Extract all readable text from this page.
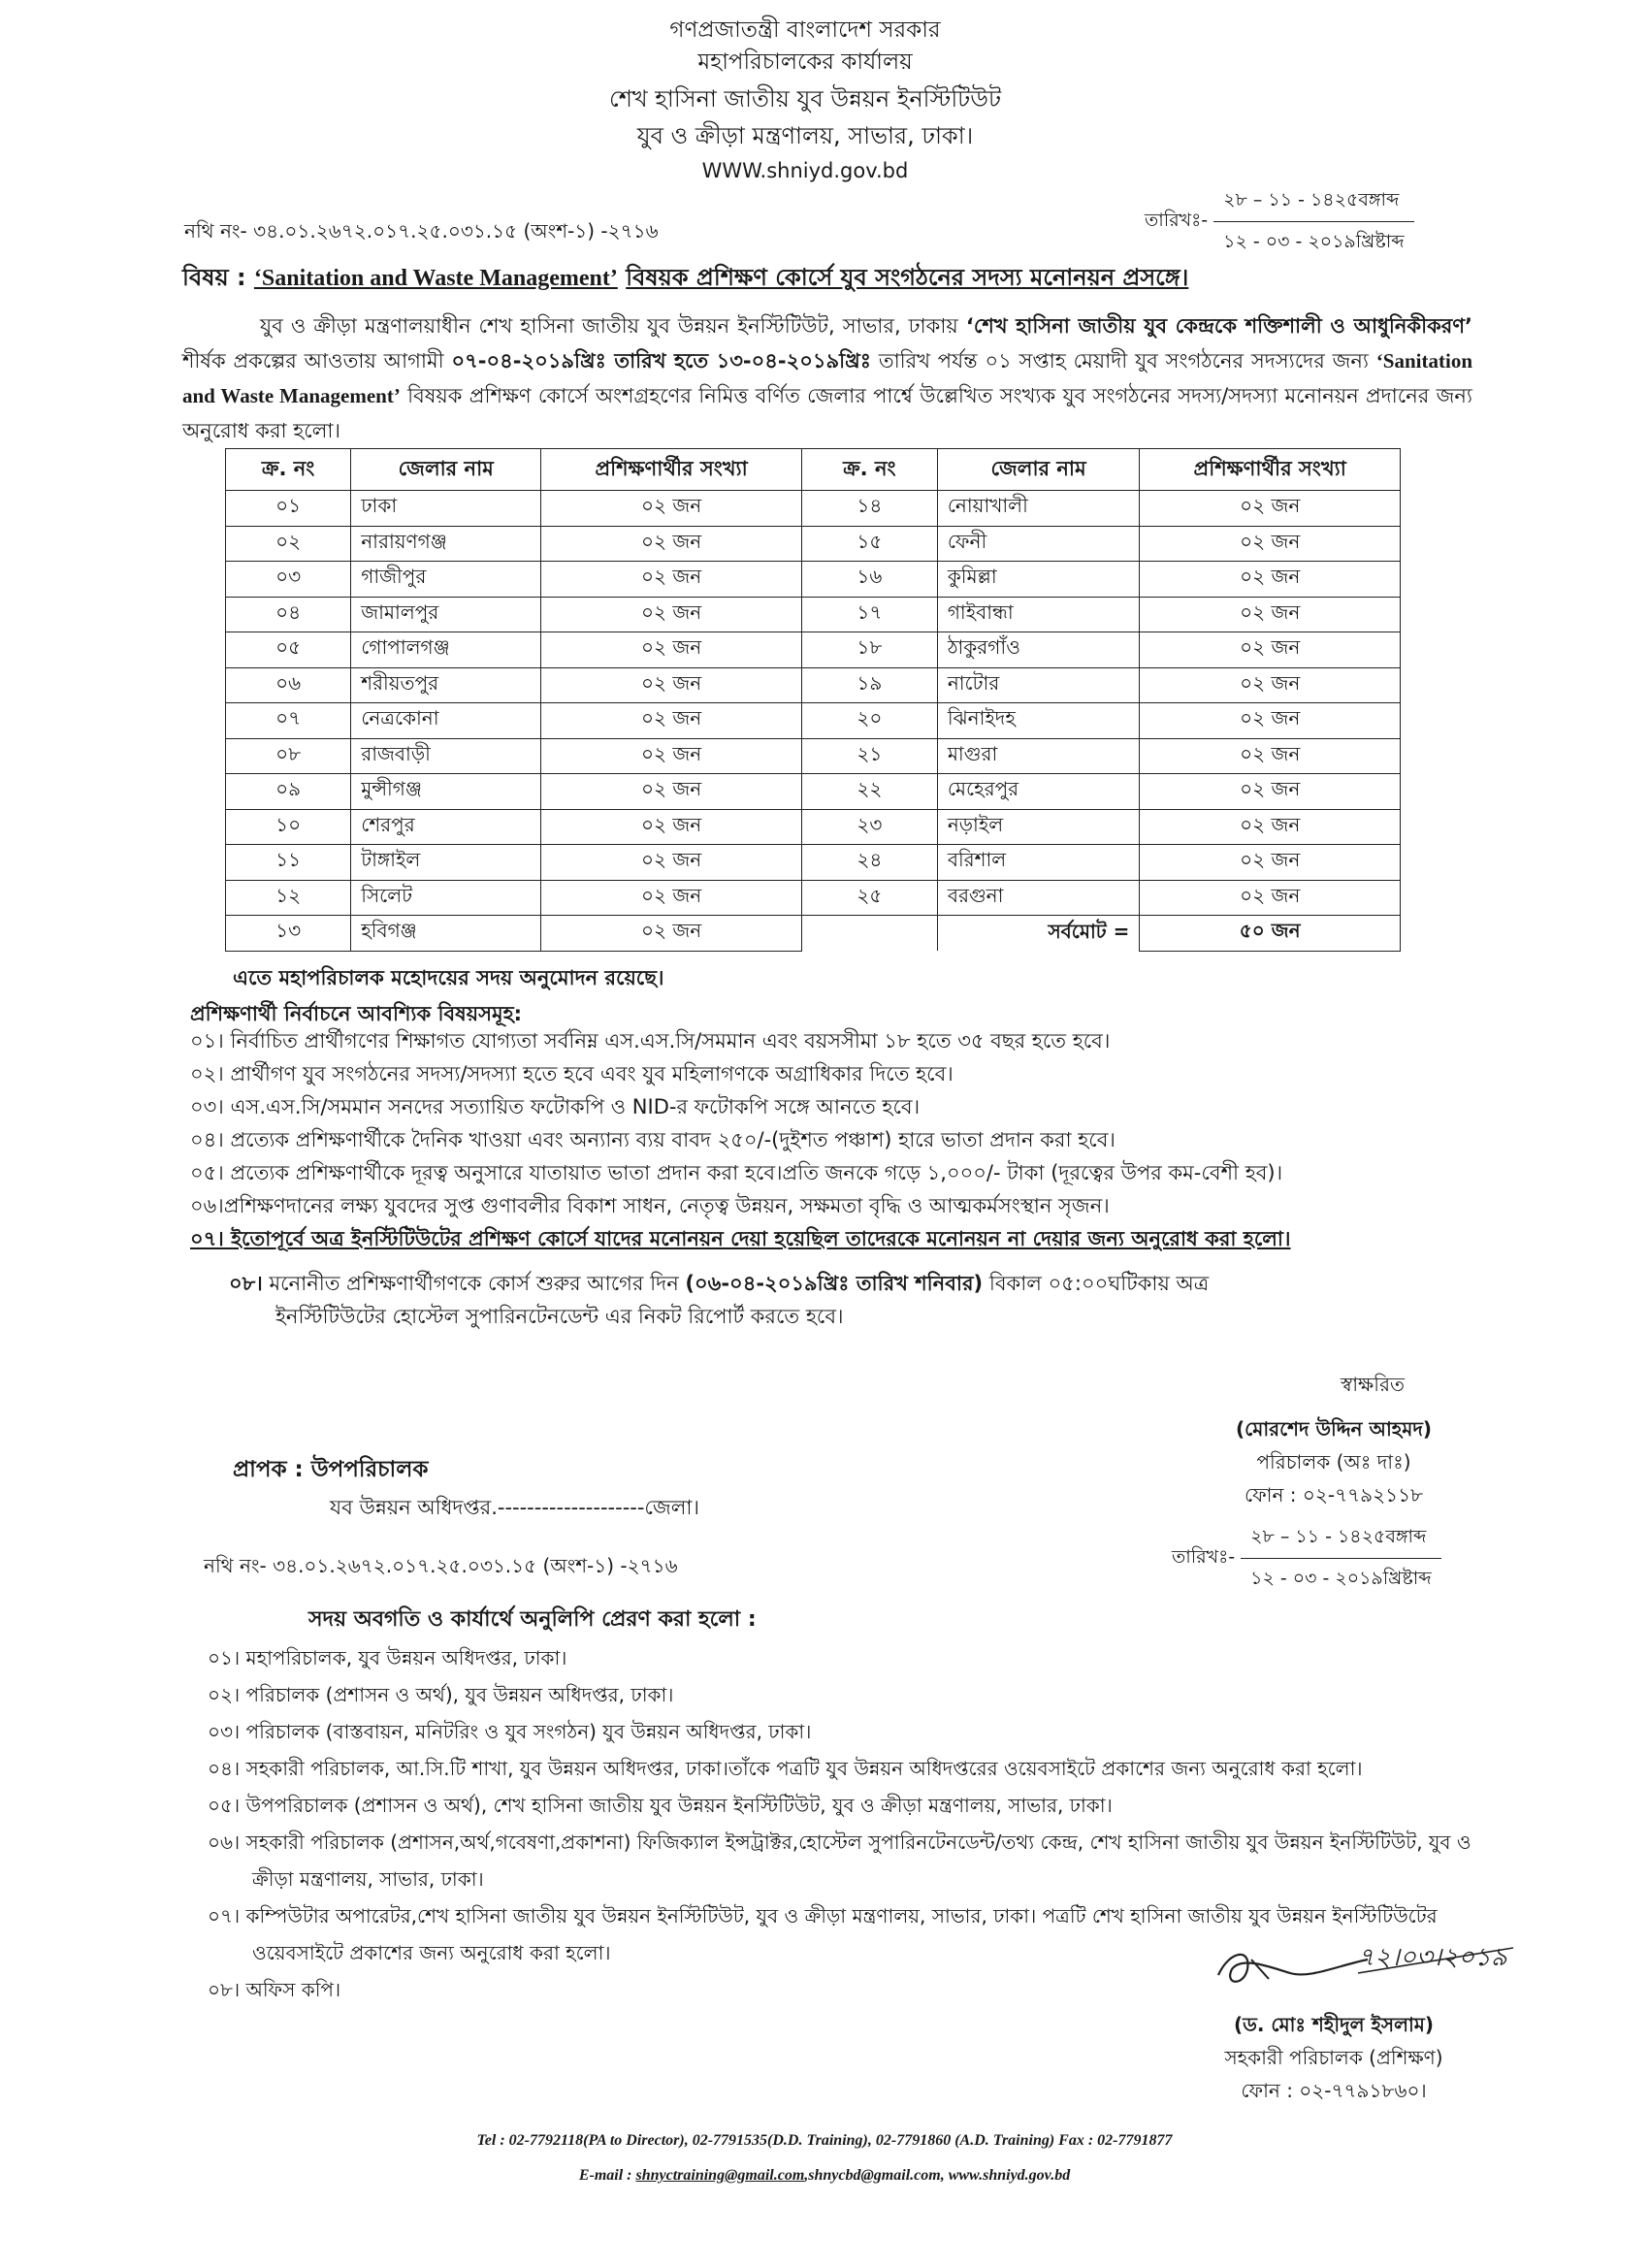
গণপ্রজাতন্ত্রী বাংলাদেশ সরকার
মহাপরিচালকের কার্যালয়
শেখ হাসিনা জাতীয় যুব উন্নয়ন ইনস্টিটিউট
যুব ও ক্রীড়া মন্ত্রণালয়, সাভার, ঢাকা।
WWW.shniyd.gov.bd
নথি নং- ৩৪.০১.২৬৭২.০১৭.২৫.০৩১.১৫ (অংশ-১) -২৭১৬	তারিখঃ-
২৮ – ১১ - ১৪২৫বঙ্গাব্দ
১২ - ০৩ - ২০১৯খ্রিষ্টাব্দ
বিষয় : ‘Sanitation and Waste Management’ বিষয়ক প্রশিক্ষণ কোর্সে যুব সংগঠনের সদস্য মনোনয়ন প্রসঙ্গে।
যুব ও ক্রীড়া মন্ত্রণালয়াধীন শেখ হাসিনা জাতীয় যুব উন্নয়ন ইনস্টিটিউট, সাভার, ঢাকায় ‘শেখ হাসিনা জাতীয় যুব কেন্দ্রকে শক্তিশালী ও আধুনিকীকরণ’ শীর্ষক প্রকল্পের আওতায় আগামী ০৭-০৪-২০১৯খ্রিঃ তারিখ হতে ১৩-০৪-২০১৯খ্রিঃ তারিখ পর্যন্ত ০১ সপ্তাহ মেয়াদী যুব সংগঠনের সদস্যদের জন্য ‘Sanitation and Waste Management’ বিষয়ক প্রশিক্ষণ কোর্সে অংশগ্রহণের নিমিত্ত বর্ণিত জেলার পার্শ্বে উল্লেখিত সংখ্যক যুব সংগঠনের সদস্য/সদস্যা মনোনয়ন প্রদানের জন্য অনুরোধ করা হলো।
ক্র. নং	জেলার নাম	প্রশিক্ষণার্থীর সংখ্যা	ক্র. নং	জেলার নাম	প্রশিক্ষণার্থীর সংখ্যা
০১	ঢাকা	০২ জন	১৪	নোয়াখালী	০২ জন
০২	নারায়ণগঞ্জ	০২ জন	১৫	ফেনী	০২ জন
০৩	গাজীপুর	০২ জন	১৬	কুমিল্লা	০২ জন
০৪	জামালপুর	০২ জন	১৭	গাইবান্ধা	০২ জন
০৫	গোপালগঞ্জ	০২ জন	১৮	ঠাকুরগাঁও	০২ জন
০৬	শরীয়তপুর	০২ জন	১৯	নাটোর	০২ জন
০৭	নেত্রকোনা	০২ জন	২০	ঝিনাইদহ	০২ জন
০৮	রাজবাড়ী	০২ জন	২১	মাগুরা	০২ জন
০৯	মুন্সীগঞ্জ	০২ জন	২২	মেহেরপুর	০২ জন
১০	শেরপুর	০২ জন	২৩	নড়াইল	০২ জন
১১	টাঙ্গাইল	০২ জন	২৪	বরিশাল	০২ জন
১২	সিলেট	০২ জন	২৫	বরগুনা	০২ জন
১৩	হবিগঞ্জ	০২ জন		সর্বমোট =	৫০ জন
এতে মহাপরিচালক মহোদয়ের সদয় অনুমোদন রয়েছে।
প্রশিক্ষণার্থী নির্বাচনে আবশ্যিক বিষয়সমূহ:
০১। নির্বাচিত প্রার্থীগণের শিক্ষাগত যোগ্যতা সর্বনিম্ন এস.এস.সি/সমমান এবং বয়সসীমা ১৮ হতে ৩৫ বছর হতে হবে।
০২। প্রার্থীগণ যুব সংগঠনের সদস্য/সদস্যা হতে হবে এবং যুব মহিলাগণকে অগ্রাধিকার দিতে হবে।
০৩। এস.এস.সি/সমমান সনদের সত্যায়িত ফটোকপি ও NID-র ফটোকপি সঙ্গে আনতে হবে।
০৪। প্রত্যেক প্রশিক্ষণার্থীকে দৈনিক খাওয়া এবং অন্যান্য ব্যয় বাবদ ২৫০/-(দুইশত পঞ্চাশ) হারে ভাতা প্রদান করা হবে।
০৫। প্রত্যেক প্রশিক্ষণার্থীকে দূরত্ব অনুসারে যাতায়াত ভাতা প্রদান করা হবে।প্রতি জনকে গড়ে ১,০০০/- টাকা (দূরত্বের উপর কম-বেশী হব)।
০৬।প্রশিক্ষণদানের লক্ষ্য যুবদের সুপ্ত গুণাবলীর বিকাশ সাধন, নেতৃত্ব উন্নয়ন, সক্ষমতা বৃদ্ধি ও আত্মকর্মসংস্থান সৃজন।
০৭। ইতোপূর্বে অত্র ইনস্টিটিউটের প্রশিক্ষণ কোর্সে যাদের মনোনয়ন দেয়া হয়েছিল তাদেরকে মনোনয়ন না দেয়ার জন্য অনুরোধ করা হলো।
০৮। মনোনীত প্রশিক্ষণার্থীগণকে কোর্স শুরুর আগের দিন (০৬-০৪-২০১৯খ্রিঃ তারিখ শনিবার) বিকাল ০৫:০০ঘটিকায় অত্র
ইনস্টিটিউটের হোস্টেল সুপারিনটেনডেন্ট এর নিকট রিপোর্ট করতে হবে।
স্বাক্ষরিত
(মোরশেদ উদ্দিন আহমদ)
পরিচালক (অঃ দাঃ)
ফোন : ০২-৭৭৯২১১৮
প্রাপক : উপপরিচালক
যব উন্নয়ন অধিদপ্তর.--------------------জেলা।
নথি নং- ৩৪.০১.২৬৭২.০১৭.২৫.০৩১.১৫ (অংশ-১) -২৭১৬	তারিখঃ-
২৮ – ১১ - ১৪২৫বঙ্গাব্দ
১২ - ০৩ - ২০১৯খ্রিষ্টাব্দ
সদয় অবগতি ও কার্যার্থে অনুলিপি প্রেরণ করা হলো :
০১। মহাপরিচালক, যুব উন্নয়ন অধিদপ্তর, ঢাকা।
০২। পরিচালক (প্রশাসন ও অর্থ), যুব উন্নয়ন অধিদপ্তর, ঢাকা।
০৩। পরিচালক (বাস্তবায়ন, মনিটরিং ও যুব সংগঠন) যুব উন্নয়ন অধিদপ্তর, ঢাকা।
০৪। সহকারী পরিচালক, আ.সি.টি শাখা, যুব উন্নয়ন অধিদপ্তর, ঢাকা।তাঁকে পত্রটি যুব উন্নয়ন অধিদপ্তরের ওয়েবসাইটে প্রকাশের জন্য অনুরোধ করা হলো।
০৫। উপপরিচালক (প্রশাসন ও অর্থ), শেখ হাসিনা জাতীয় যুব উন্নয়ন ইনস্টিটিউট, যুব ও ক্রীড়া মন্ত্রণালয়, সাভার, ঢাকা।
০৬। সহকারী পরিচালক (প্রশাসন,অর্থ,গবেষণা,প্রকাশনা) ফিজিক্যাল ইন্সট্রাক্টর,হোস্টেল সুপারিনটেনডেন্ট/তথ্য কেন্দ্র, শেখ হাসিনা জাতীয় যুব উন্নয়ন ইনস্টিটিউট, যুব ও ক্রীড়া মন্ত্রণালয়, সাভার, ঢাকা।
০৭। কম্পিউটার অপারেটর,শেখ হাসিনা জাতীয় যুব উন্নয়ন ইনস্টিটিউট, যুব ও ক্রীড়া মন্ত্রণালয়, সাভার, ঢাকা। পত্রটি শেখ হাসিনা জাতীয় যুব উন্নয়ন ইনস্টিটিউটের ওয়েবসাইটে প্রকাশের জন্য অনুরোধ করা হলো।
০৮। অফিস কপি।
৭২।০৩।২০১৯
(ড. মোঃ শহীদুল ইসলাম)
সহকারী পরিচালক (প্রশিক্ষণ)
ফোন : ০২-৭৭৯১৮৬০।
Tel : 02-7792118(PA to Director), 02-7791535(D.D. Training), 02-7791860 (A.D. Training) Fax : 02-7791877
E-mail : shnyctraining@gmail.com,shnycbd@gmail.com, www.shniyd.gov.bd
